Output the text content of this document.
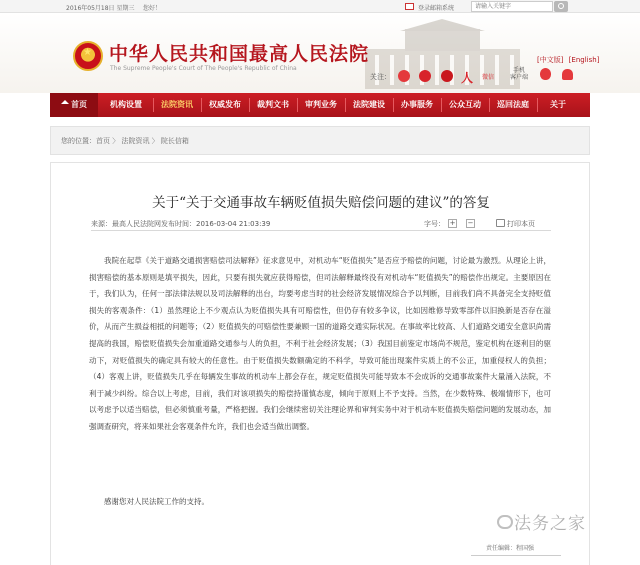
2016年05月18日 星期三 您好！	登录邮箱系统
请输入关键字
★
中华人民共和国最高人民法院
The Supreme People's Court of The People's Republic of China
[中文版] [English]
关注：	人 微信
手机
客户端
首页	机构设置	法院资讯	权威发布	裁判文书	审判业务	法院建设	办事服务	公众互动	巡回法庭	关于
您的位置：首页 〉 法院资讯 〉 院长信箱
关于“关于交通事故车辆贬值损失赔偿问题的建议”的答复
来源：最高人民法院网 发布时间：2016-03-04 21:03:39	字号： + −	打印本页

我院在起草《关于道路交通损害赔偿司法解释》征求意见中，对机动车“贬值损失”是否应予赔偿的问题，讨论最为激烈。从理论上讲，损害赔偿的基本原则是填平损失，因此，只要有损失就应获得赔偿，但司法解释最终没有对机动车“贬值损失”的赔偿作出规定。主要原因在于，我们认为，任何一部法律法规以及司法解释的出台，均要考虑当时的社会经济发展情况综合予以判断，目前我们尚不具备完全支持贬值损失的客观条件：（1）虽然理论上不少观点认为贬值损失具有可赔偿性，但仍存有较多争议，比如因维修导致零部件以旧换新是否存在溢价，从而产生损益相抵的问题等；（2）贬值损失的可赔偿性要兼顾一国的道路交通实际状况。在事故率比较高、人们道路交通安全意识尚需提高的我国，赔偿贬值损失会加重道路交通参与人的负担，不利于社会经济发展；（3）我国目前鉴定市场尚不规范，鉴定机构在逐利目的驱动下，对贬值损失的确定具有较大的任意性。由于贬值损失数额确定的不科学，导致可能出现案件实质上的不公正，加重侵权人的负担；（4）客观上讲，贬值损失几乎在每辆发生事故的机动车上都会存在，规定贬值损失可能导致本不会成诉的交通事故案件大量涌入法院，不利于减少纠纷。综合以上考虑，目前，我们对该项损失的赔偿持谨慎态度，倾向于原则上不予支持。当然，在少数特殊、极端情形下，也可以考虑予以适当赔偿，但必须慎重考量，严格把握。我们会继续密切关注理论界和审判实务中对于机动车贬值损失赔偿问题的发展动态，加强调查研究，将来如果社会客观条件允许，我们也会适当做出调整。

感谢您对人民法院工作的支持。

责任编辑：程国强
法务之家
